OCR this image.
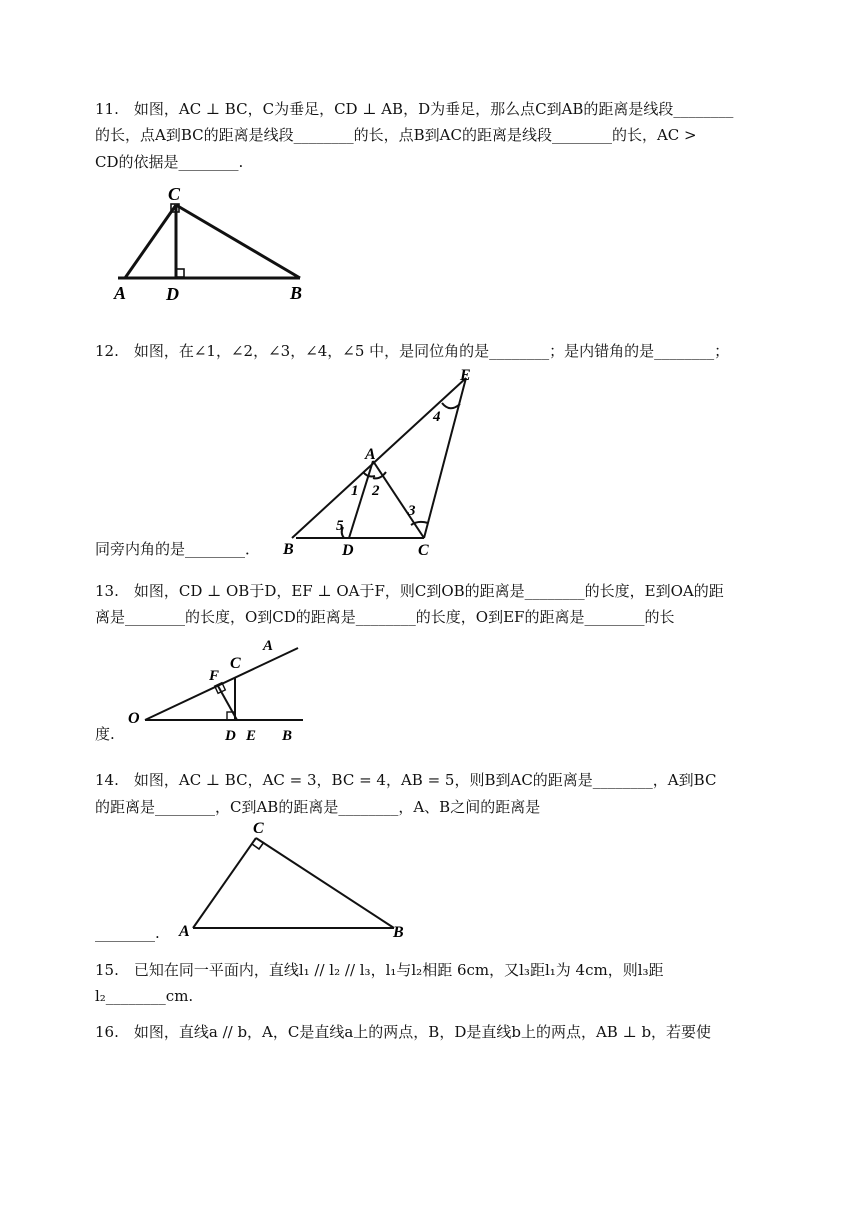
11.　如图，AC ⊥ BC，C为垂足，CD ⊥ AB，D为垂足，那么点C到AB的距离是线段________
的长，点A到BC的距离是线段________的长，点B到AC的距离是线段________的长，AC >
CD的依据是________.
C
A D	B
12.　如图，在∠1，∠2，∠3，∠4，∠5 中，是同位角的是________；是内错角的是________；
E
A
4
1 2
3
5
B	D	C
同旁内角的是________．
13.　如图，CD ⊥ OB于D，EF ⊥ OA于F，则C到OB的距离是________的长度，E到OA的距
离是________的长度，O到CD的距离是________的长度，O到EF的距离是________的长
A
C
F
O
D E B
度.
14.　如图，AC ⊥ BC，AC = 3，BC = 4，AB = 5，则B到AC的距离是________，A到BC
的距离是________，C到AB的距离是________，A、B之间的距离是
C
A	B
________.
15.　已知在同一平面内，直线l₁ // l₂ // l₃，l₁与l₂相距 6cm，又l₃距l₁为 4cm，则l₃距
l₂________cm.
16.　如图，直线a // b，A，C是直线a上的两点，B，D是直线b上的两点，AB ⊥ b，若要使
